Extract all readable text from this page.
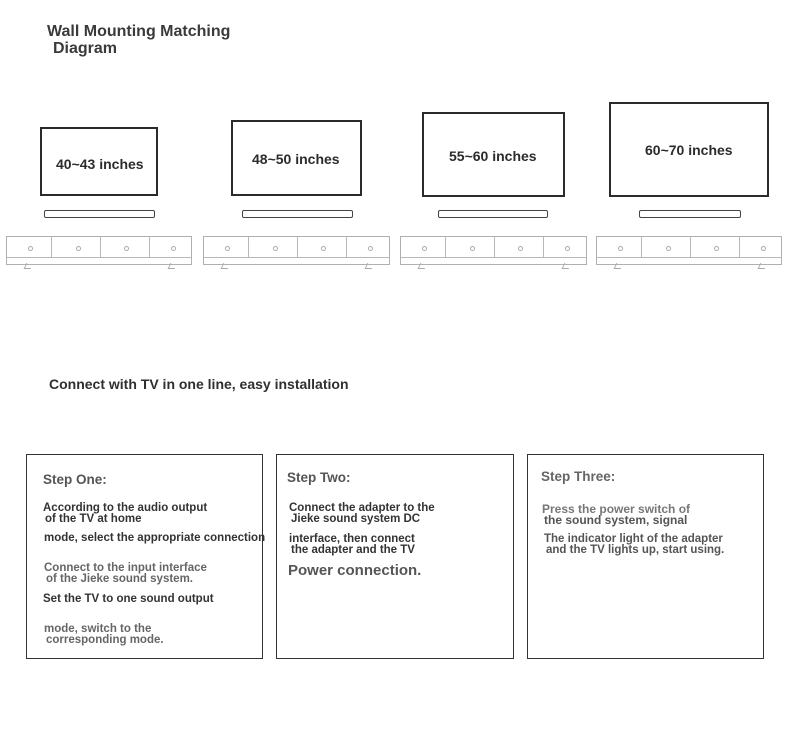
Wall Mounting Matching
Diagram
40~43 inches	48~50 inches	55~60 inches	60~70 inches
Connect with TV in one line, easy installation
Step One:
According to the audio output
of the TV at home
mode, select the appropriate connection
Connect to the input interface
of the Jieke sound system.
Set the TV to one sound output
mode, switch to the
corresponding mode.
Step Two:
Connect the adapter to the
Jieke sound system DC
interface, then connect
the adapter and the TV
Power connection.
Step Three:
Press the power switch of
the sound system, signal
The indicator light of the adapter
and the TV lights up, start using.
